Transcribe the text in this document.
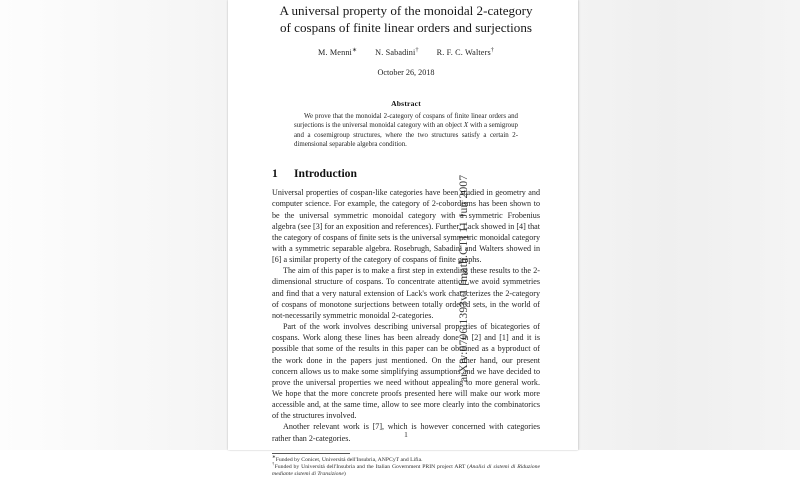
arXiv:0706.1393v1 [math.CT] 11 Jun 2007
A universal property of the monoidal 2-category
of cospans of finite linear orders and surjections
M. Menni∗ N. Sabadini† R. F. C. Walters†
October 26, 2018
Abstract
We prove that the monoidal 2-category of cospans of finite linear orders and surjections is the universal monoidal category with an object X with a semigroup and a cosemigroup structures, where the two structures satisfy a certain 2-dimensional separable algebra condition.
1	Introduction
Universal properties of cospan-like categories have been studied in geometry and computer science. For example, the category of 2-cobordisms has been shown to be the universal symmetric monoidal category with a symmetric Frobenius algebra (see [3] for an exposition and references). Further, Lack showed in [4] that the category of cospans of finite sets is the universal symmetric monoidal category with a symmetric separable algebra. Rosebrugh, Sabadini and Walters showed in [6] a similar property of the category of cospans of finite graphs.
The aim of this paper is to make a first step in extending these results to the 2-dimensional structure of cospans. To concentrate attention we avoid symmetries and find that a very natural extension of Lack's work characterizes the 2-category of cospans of monotone surjections between totally ordered sets, in the world of not-necessarily symmetric monoidal 2-categories.
Part of the work involves describing universal properties of bicategories of cospans. Work along these lines has been already done in [2] and [1] and it is possible that some of the results in this paper can be obtained as a byproduct of the work done in the papers just mentioned. On the other hand, our present concern allows us to make some simplifying assumptions and we have decided to prove the universal properties we need without appealing to more general work. We hope that the more concrete proofs presented here will make our work more accessible and, at the same time, allow to see more clearly into the combinatorics of the structures involved.
Another relevant work is [7], which is however concerned with categories rather than 2-categories.
∗Funded by Conicet, Universitá dell'Insubria, ANPCyT and Lifia.
†Funded by Universitá dell'Insubria and the Italian Government PRIN project ART (Analisi di sistemi di Riduzione mediante sistemi di Transizione)
1
